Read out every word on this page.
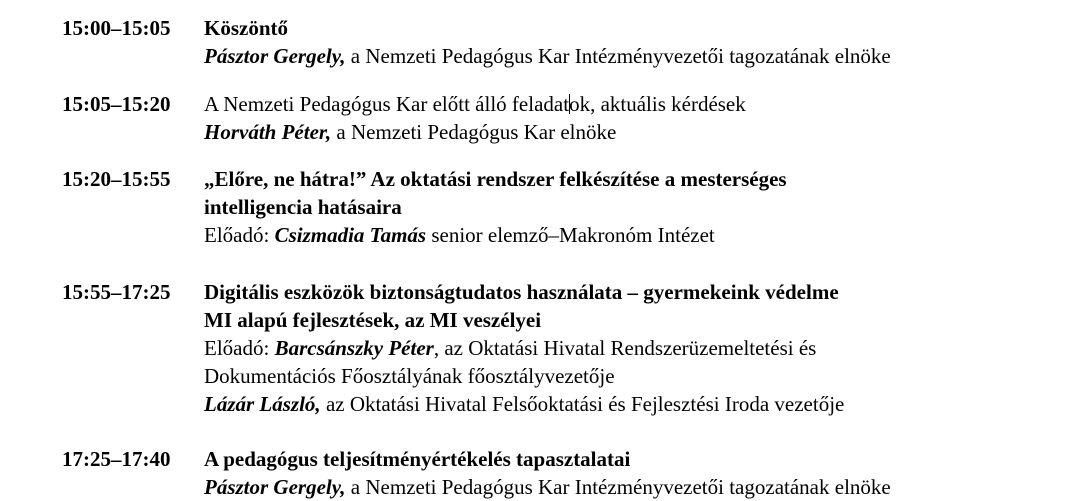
15:00–15:05 Köszöntő
Pásztor Gergely, a Nemzeti Pedagógus Kar Intézményvezetői tagozatának elnöke
15:05–15:20 A Nemzeti Pedagógus Kar előtt álló feladatok, aktuális kérdések
Horváth Péter, a Nemzeti Pedagógus Kar elnöke
15:20–15:55 „Előre, ne hátra!” Az oktatási rendszer felkészítése a mesterséges
intelligencia hatásaira
Előadó: Csizmadia Tamás senior elemző–Makronóm Intézet
15:55–17:25 Digitális eszközök biztonságtudatos használata – gyermekeink védelme
MI alapú fejlesztések, az MI veszélyei
Előadó: Barcsánszky Péter, az Oktatási Hivatal Rendszerüzemeltetési és
Dokumentációs Főosztályának főosztályvezetője
Lázár László, az Oktatási Hivatal Felsőoktatási és Fejlesztési Iroda vezetője
17:25–17:40 A pedagógus teljesítményértékelés tapasztalatai
Pásztor Gergely, a Nemzeti Pedagógus Kar Intézményvezetői tagozatának elnöke
